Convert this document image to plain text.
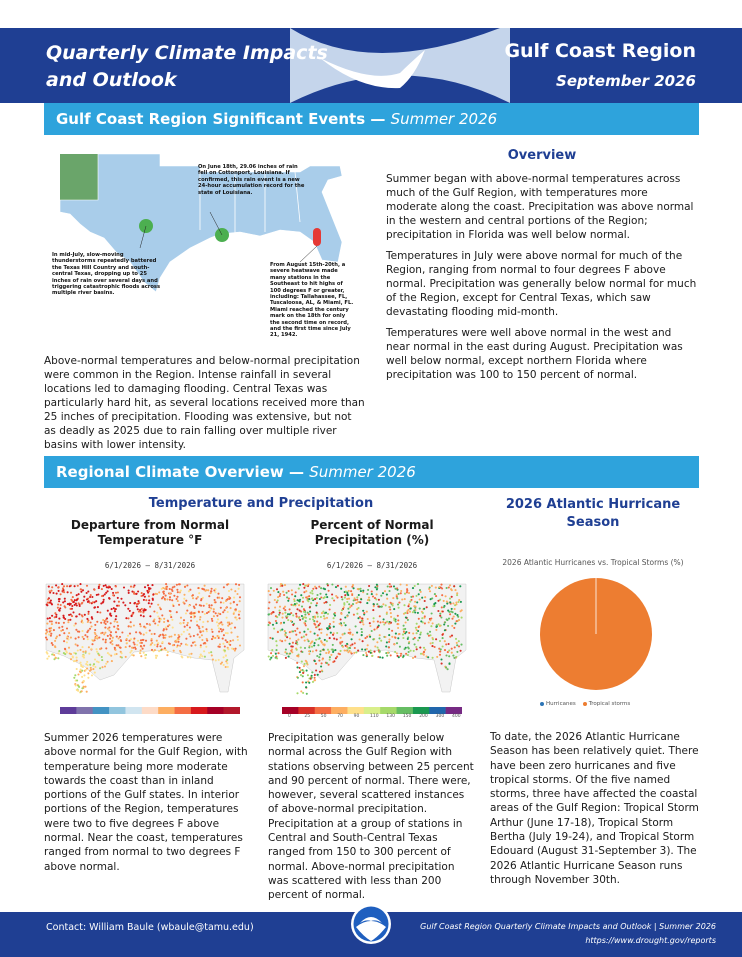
Quarterly Climate Impacts
and Outlook
Gulf Coast Region
September 2026
Gulf Coast Region Significant Events — Summer 2026
On June 18th, 29.06 inches of rain fell on Cottonport, Louisiana. If confirmed, this rain event is a new 24-hour accumulation record for the state of Louisiana.
In mid-July, slow-moving thunderstorms repeatedly battered the Texas Hill Country and south-central Texas, dropping up to 25 inches of rain over several days and triggering catastrophic floods across multiple river basins.
From August 15th-20th, a severe heatwave made many stations in the Southeast to hit highs of 100 degrees F or greater, including: Tallahassee, FL, Tuscaloosa, AL, & Miami, FL. Miami reached the century mark on the 18th for only the second time on record, and the first time since July 21, 1942.
Overview

Summer began with above-normal temperatures across much of the Gulf Region, with temperatures more moderate along the coast. Precipitation was above normal in the western and central portions of the Region; precipitation in Florida was well below normal.

Temperatures in July were above normal for much of the Region, ranging from normal to four degrees F above normal. Precipitation was generally below normal for much of the Region, except for Central Texas, which saw devastating flooding mid-month.

Temperatures were well above normal in the west and near normal in the east during August. Precipitation was well below normal, except northern Florida where precipitation was 100 to 150 percent of normal.

Above-normal temperatures and below-normal precipitation were common in the Region. Intense rainfall in several locations led to damaging flooding. Central Texas was particularly hard hit, as several locations received more than 25 inches of precipitation. Flooding was extensive, but not as deadly as 2025 due to rain falling over multiple river basins with lower intensity.
Regional Climate Overview — Summer 2026
Temperature and Precipitation
Departure from Normal Temperature °F
6/1/2026 – 8/31/2026
Percent of Normal Precipitation (%)
6/1/2026 – 8/31/2026
0	25 50 70 90 110 130 150 200 300 400
Summer 2026 temperatures were above normal for the Gulf Region, with temperature being more moderate towards the coast than in inland portions of the Gulf states. In interior portions of the Region, temperatures were two to five degrees F above normal. Near the coast, temperatures ranged from normal to two degrees F above normal.
Precipitation was generally below normal across the Gulf Region with stations observing between 25 percent and 90 percent of normal. There were, however, several scattered instances of above-normal precipitation. Precipitation at a group of stations in Central and South-Central Texas ranged from 150 to 300 percent of normal. Above-normal precipitation was scattered with less than 200 percent of normal.
2026 Atlantic Hurricane Season
2026 Atlantic Hurricanes vs. Tropical Storms (%)
Hurricanes Tropical storms
To date, the 2026 Atlantic Hurricane Season has been relatively quiet. There have been zero hurricanes and five tropical storms. Of the five named storms, three have affected the coastal areas of the Gulf Region: Tropical Storm Arthur (June 17-18), Tropical Storm Bertha (July 19-24), and Tropical Storm Edouard (August 31-September 3). The 2026 Atlantic Hurricane Season runs through November 30th.
Contact: William Baule (wbaule@tamu.edu)	Gulf Coast Region Quarterly Climate Impacts and Outlook | Summer 2026
https://www.drought.gov/reports
